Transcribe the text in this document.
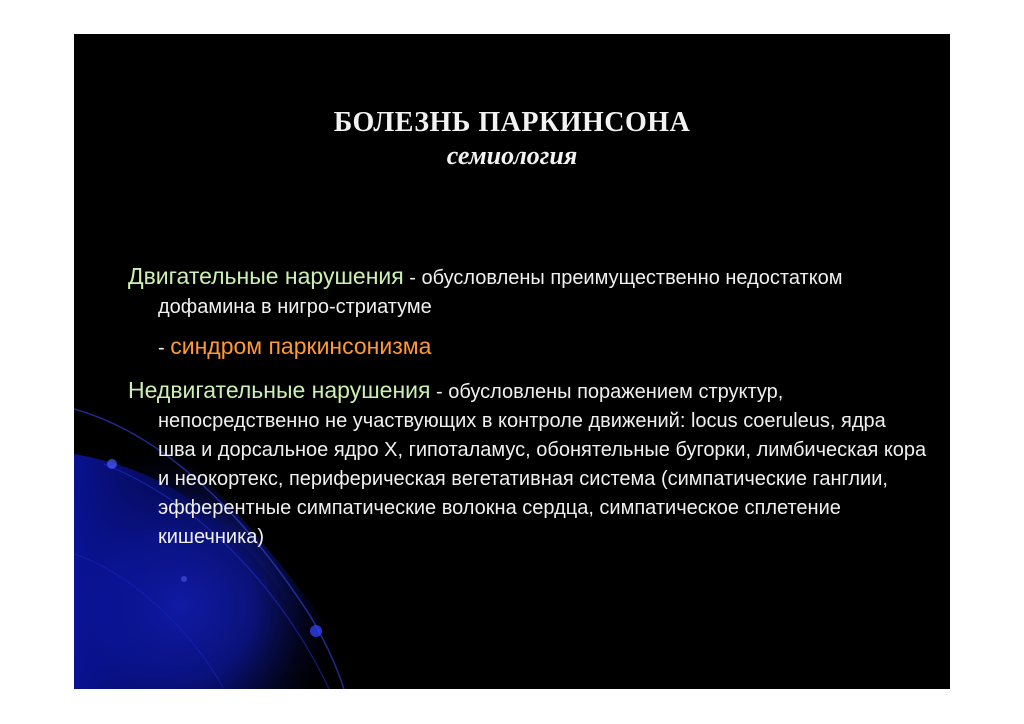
БОЛЕЗНЬ ПАРКИНСОНА
семиология
Двигательные нарушения - обусловлены преимущественно недостатком дофамина в нигро-стриатуме
- синдром паркинсонизма
Недвигательные нарушения - обусловлены поражением структур, непосредственно не участвующих в контроле движений: locus coeruleus, ядра шва и дорсальное ядро Х, гипоталамус, обонятельные бугорки, лимбическая кора и неокортекс, периферическая вегетативная система (симпатические ганглии, эфферентные симпатические волокна сердца, симпатическое сплетение кишечника)
